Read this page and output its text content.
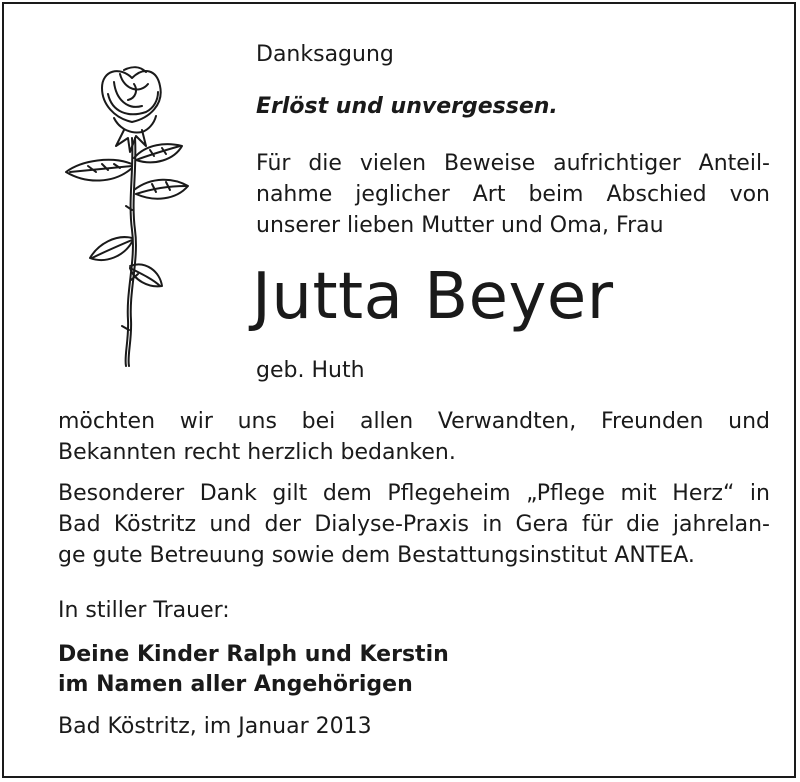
Danksagung
Erlöst und unvergessen.
Für die vielen Beweise aufrichtiger Anteil-
nahme jeglicher Art beim Abschied von
unserer lieben Mutter und Oma, Frau
Jutta Beyer
geb. Huth
möchten wir uns bei allen Verwandten, Freunden und
Bekannten recht herzlich bedanken.
Besonderer Dank gilt dem Pflegeheim „Pflege mit Herz“ in
Bad Köstritz und der Dialyse-Praxis in Gera für die jahrelan-
ge gute Betreuung sowie dem Bestattungsinstitut ANTEA.
In stiller Trauer:
Deine Kinder Ralph und Kerstin
im Namen aller Angehörigen
Bad Köstritz, im Januar 2013
